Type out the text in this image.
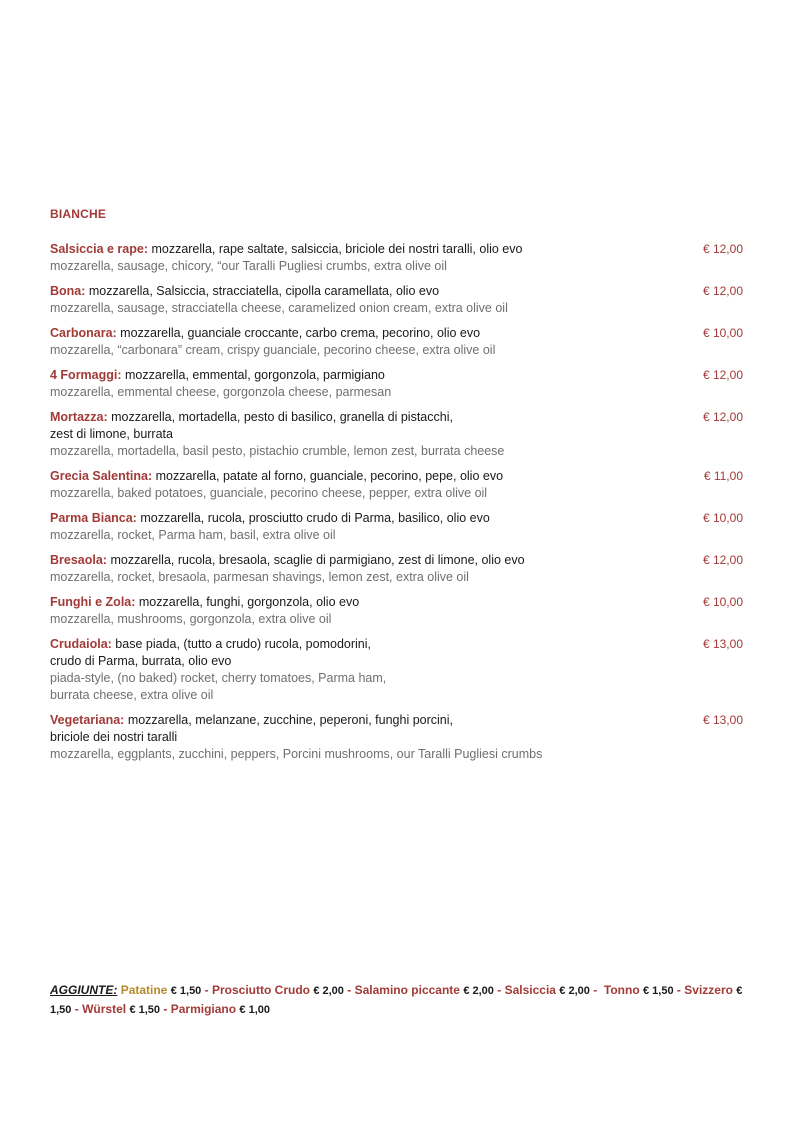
BIANCHE
Salsiccia e rape: mozzarella, rape saltate, salsiccia, briciole dei nostri taralli, olio evo
mozzarella, sausage, chicory, “our Taralli Pugliesi crumbs, extra olive oil
€ 12,00
Bona: mozzarella, Salsiccia, stracciatella, cipolla caramellata, olio evo
mozzarella, sausage, stracciatella cheese, caramelized onion cream, extra olive oil
€ 12,00
Carbonara: mozzarella, guanciale croccante, carbo crema, pecorino, olio evo
mozzarella, “carbonara” cream, crispy guanciale, pecorino cheese, extra olive oil
€ 10,00
4 Formaggi: mozzarella, emmental, gorgonzola, parmigiano
mozzarella, emmental cheese, gorgonzola cheese, parmesan
€ 12,00
Mortazza: mozzarella, mortadella, pesto di basilico, granella di pistacchi,
zest di limone, burrata
mozzarella, mortadella, basil pesto, pistachio crumble, lemon zest, burrata cheese
€ 12,00
Grecia Salentina: mozzarella, patate al forno, guanciale, pecorino, pepe, olio evo
mozzarella, baked potatoes, guanciale, pecorino cheese, pepper, extra olive oil
€ 11,00
Parma Bianca: mozzarella, rucola, prosciutto crudo di Parma, basilico, olio evo
mozzarella, rocket, Parma ham, basil, extra olive oil
€ 10,00
Bresaola: mozzarella, rucola, bresaola, scaglie di parmigiano, zest di limone, olio evo
mozzarella, rocket, bresaola, parmesan shavings, lemon zest, extra olive oil
€ 12,00
Funghi e Zola: mozzarella, funghi, gorgonzola, olio evo
mozzarella, mushrooms, gorgonzola, extra olive oil
€ 10,00
Crudaiola: base piada, (tutto a crudo) rucola, pomodorini,
crudo di Parma, burrata, olio evo
piada-style, (no baked) rocket, cherry tomatoes, Parma ham,
burrata cheese, extra olive oil
€ 13,00
Vegetariana: mozzarella, melanzane, zucchine, peperoni, funghi porcini,
briciole dei nostri taralli
mozzarella, eggplants, zucchini, peppers, Porcini mushrooms, our Taralli Pugliesi crumbs
€ 13,00
AGGIUNTE: Patatine € 1,50 - Prosciutto Crudo € 2,00 - Salamino piccante € 2,00 - Salsiccia € 2,00 -  Tonno € 1,50 - Svizzero € 1,50 - Würstel € 1,50 - Parmigiano € 1,00
